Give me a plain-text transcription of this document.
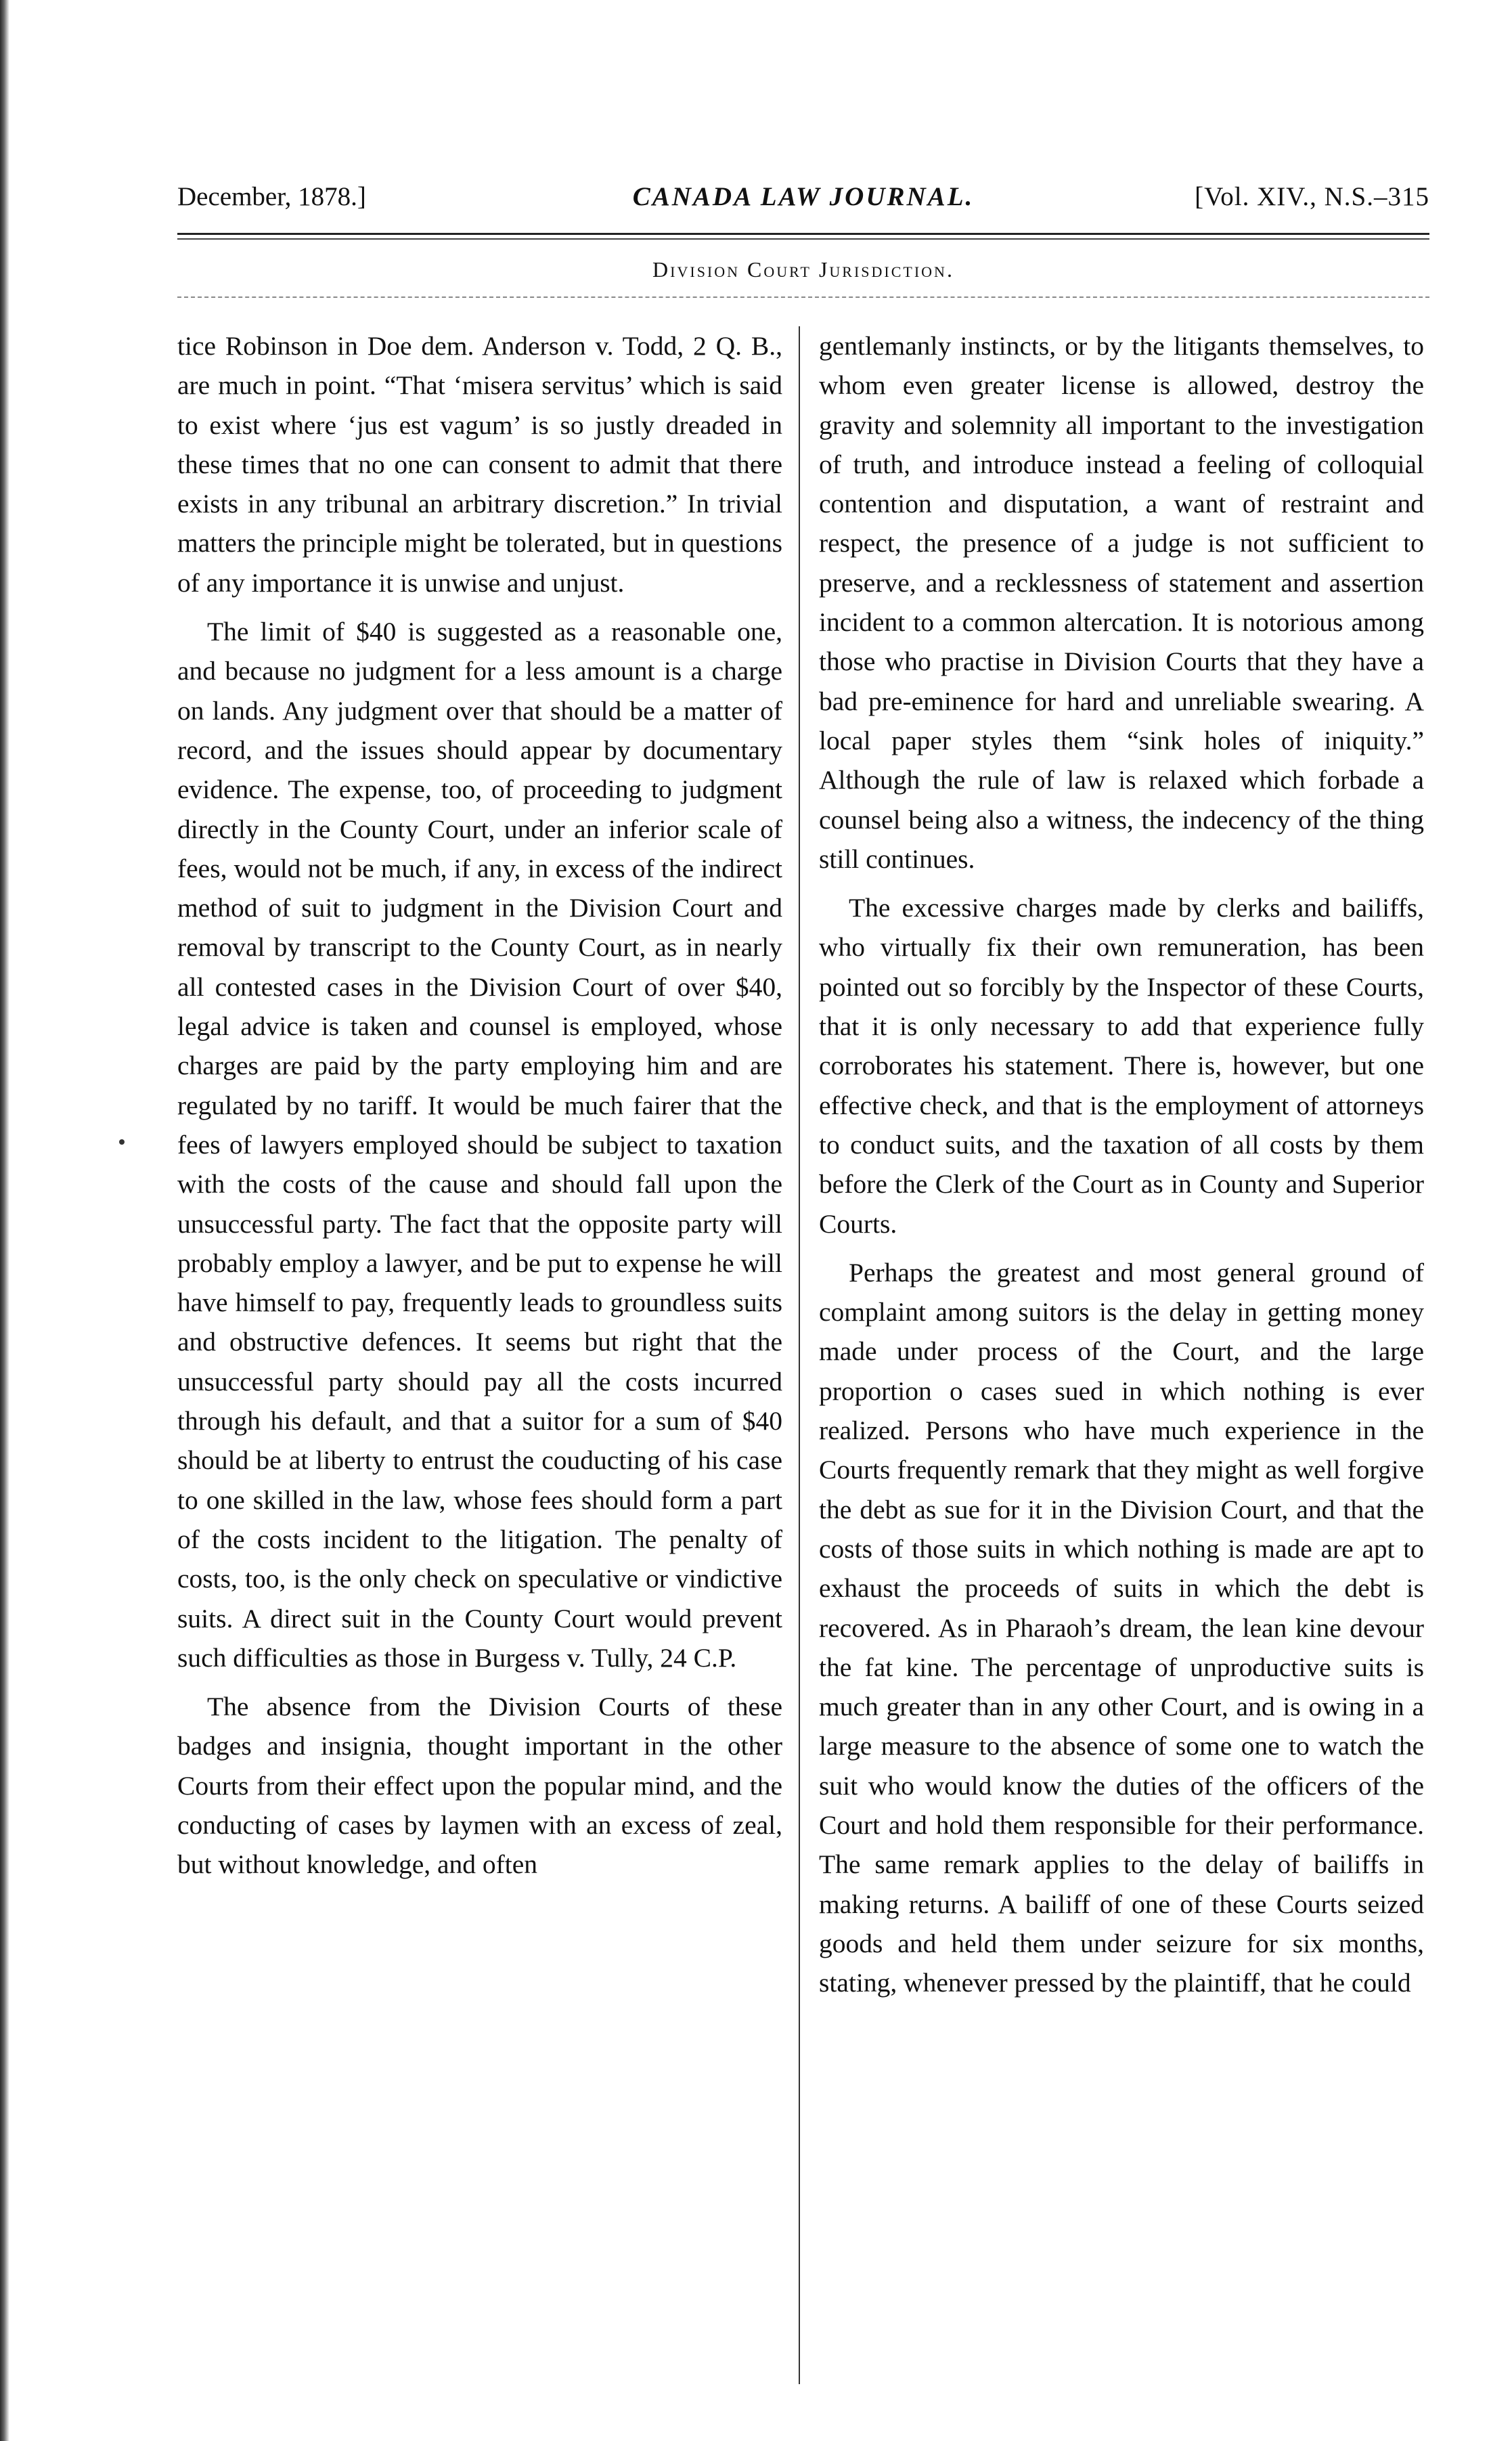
December, 1878.]	CANADA LAW JOURNAL.	[Vol. XIV., N.S.–315
Division Court Jurisdiction.

tice Robinson in Doe dem. Anderson v. Todd, 2 Q. B., are much in point. “That ‘misera servitus’ which is said to exist where ‘jus est vagum’ is so justly dreaded in these times that no one can consent to admit that there exists in any tribunal an arbitrary discretion.” In trivial matters the principle might be tolerated, but in questions of any importance it is unwise and unjust.

The limit of $40 is suggested as a reasonable one, and because no judgment for a less amount is a charge on lands. Any judgment over that should be a matter of record, and the issues should appear by documentary evidence. The expense, too, of proceeding to judgment directly in the County Court, under an inferior scale of fees, would not be much, if any, in excess of the indirect method of suit to judgment in the Division Court and removal by transcript to the County Court, as in nearly all contested cases in the Division Court of over $40, legal advice is taken and counsel is employed, whose charges are paid by the party employing him and are regulated by no tariff. It would be much fairer that the fees of lawyers employed should be subject to taxation with the costs of the cause and should fall upon the unsuccessful party. The fact that the opposite party will probably employ a lawyer, and be put to expense he will have himself to pay, frequently leads to groundless suits and obstructive defences. It seems but right that the unsuccessful party should pay all the costs incurred through his default, and that a suitor for a sum of $40 should be at liberty to entrust the couducting of his case to one skilled in the law, whose fees should form a part of the costs incident to the litigation. The penalty of costs, too, is the only check on speculative or vindictive suits. A direct suit in the County Court would prevent such difficulties as those in Burgess v. Tully, 24 C.P.

The absence from the Division Courts of these badges and insignia, thought important in the other Courts from their effect upon the popular mind, and the conducting of cases by laymen with an excess of zeal, but without knowledge, and often

gentlemanly instincts, or by the litigants themselves, to whom even greater license is allowed, destroy the gravity and solemnity all important to the investigation of truth, and introduce instead a feeling of colloquial contention and disputation, a want of restraint and respect, the presence of a judge is not sufficient to preserve, and a recklessness of statement and assertion incident to a common altercation. It is notorious among those who practise in Division Courts that they have a bad pre-eminence for hard and unreliable swearing. A local paper styles them “sink holes of iniquity.” Although the rule of law is relaxed which forbade a counsel being also a witness, the indecency of the thing still continues.

The excessive charges made by clerks and bailiffs, who virtually fix their own remuneration, has been pointed out so forcibly by the Inspector of these Courts, that it is only necessary to add that experience fully corroborates his statement. There is, however, but one effective check, and that is the employment of attorneys to conduct suits, and the taxation of all costs by them before the Clerk of the Court as in County and Superior Courts.

Perhaps the greatest and most general ground of complaint among suitors is the delay in getting money made under process of the Court, and the large proportion o cases sued in which nothing is ever realized. Persons who have much experience in the Courts frequently remark that they might as well forgive the debt as sue for it in the Division Court, and that the costs of those suits in which nothing is made are apt to exhaust the proceeds of suits in which the debt is recovered. As in Pharaoh’s dream, the lean kine devour the fat kine. The percentage of unproductive suits is much greater than in any other Court, and is owing in a large measure to the absence of some one to watch the suit who would know the duties of the officers of the Court and hold them responsible for their performance. The same remark applies to the delay of bailiffs in making returns. A bailiff of one of these Courts seized goods and held them under seizure for six months, stating, whenever pressed by the plaintiff, that he could
